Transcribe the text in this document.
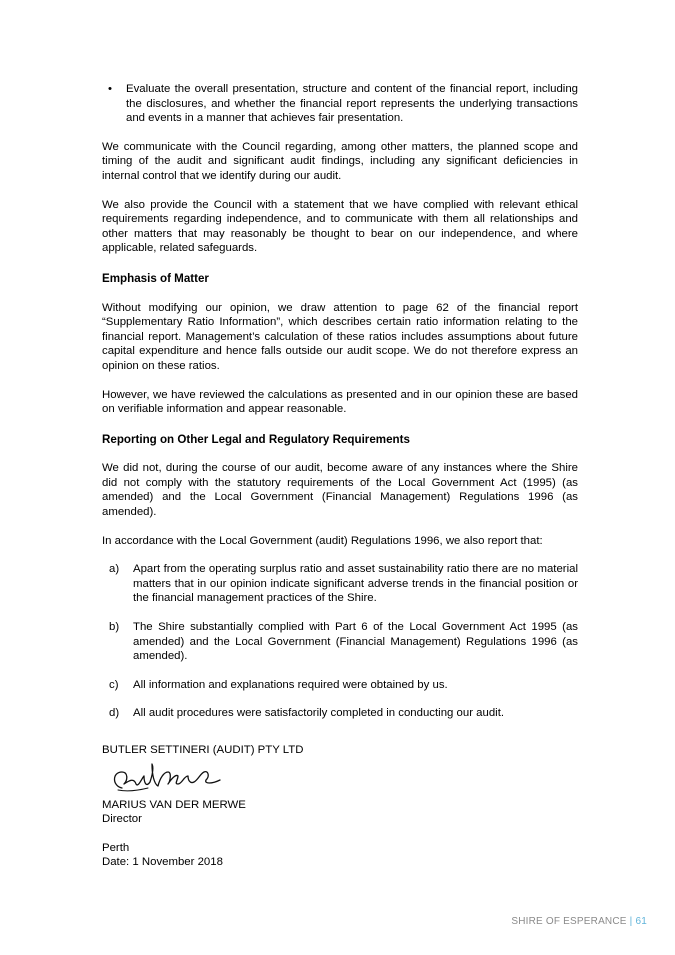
•	Evaluate the overall presentation, structure and content of the financial report, including the disclosures, and whether the financial report represents the underlying transactions and events in a manner that achieves fair presentation.

We communicate with the Council regarding, among other matters, the planned scope and timing of the audit and significant audit findings, including any significant deficiencies in internal control that we identify during our audit.

We also provide the Council with a statement that we have complied with relevant ethical requirements regarding independence, and to communicate with them all relationships and other matters that may reasonably be thought to bear on our independence, and where applicable, related safeguards.

Emphasis of Matter

Without modifying our opinion, we draw attention to page 62 of the financial report “Supplementary Ratio Information”, which describes certain ratio information relating to the financial report. Management’s calculation of these ratios includes assumptions about future capital expenditure and hence falls outside our audit scope. We do not therefore express an opinion on these ratios.

However, we have reviewed the calculations as presented and in our opinion these are based on verifiable information and appear reasonable.

Reporting on Other Legal and Regulatory Requirements

We did not, during the course of our audit, become aware of any instances where the Shire did not comply with the statutory requirements of the Local Government Act (1995) (as amended) and the Local Government (Financial Management) Regulations 1996 (as amended).

In accordance with the Local Government (audit) Regulations 1996, we also report that:

a)	Apart from the operating surplus ratio and asset sustainability ratio there are no material matters that in our opinion indicate significant adverse trends in the financial position or the financial management practices of the Shire.
b)	The Shire substantially complied with Part 6 of the Local Government Act 1995 (as amended) and the Local Government (Financial Management) Regulations 1996 (as amended).
c)	All information and explanations required were obtained by us.
d)	All audit procedures were satisfactorily completed in conducting our audit.

BUTLER SETTINERI (AUDIT) PTY LTD

MARIUS VAN DER MERWE

Director

Perth

Date: 1 November 2018

SHIRE OF ESPERANCE | 61
